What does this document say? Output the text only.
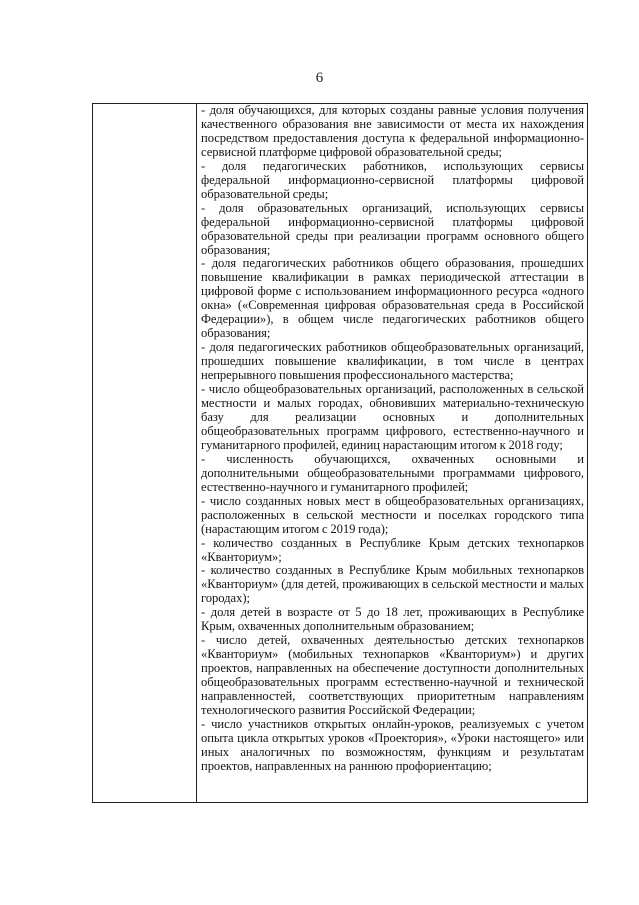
6

- доля обучающихся, для которых созданы равные условия получения качественного образования вне зависимости от места их нахождения посредством предоставления доступа к федеральной информационно-сервисной платформе цифровой образовательной среды;
- доля педагогических работников, использующих сервисы федеральной информационно-сервисной платформы цифровой образовательной среды;
- доля образовательных организаций, использующих сервисы федеральной информационно-сервисной платформы цифровой образовательной среды при реализации программ основного общего образования;
- доля педагогических работников общего образования, прошедших повышение квалификации в рамках периодической аттестации в цифровой форме с использованием информационного ресурса «одного окна» («Современная цифровая образовательная среда в Российской Федерации»), в общем числе педагогических работников общего образования;
- доля педагогических работников общеобразовательных организаций, прошедших повышение квалификации, в том числе в центрах непрерывного повышения профессионального мастерства;
- число общеобразовательных организаций, расположенных в сельской местности и малых городах, обновивших материально-техническую базу для реализации основных и дополнительных общеобразовательных программ цифрового, естественно-научного и гуманитарного профилей, единиц нарастающим итогом к 2018 году;
- численность обучающихся, охваченных основными и дополнительными общеобразовательными программами цифрового, естественно-научного и гуманитарного профилей;
- число созданных новых мест в общеобразовательных организациях, расположенных в сельской местности и поселках городского типа (нарастающим итогом с 2019 года);
- количество созданных в Республике Крым детских технопарков «Кванториум»;
- количество созданных в Республике Крым мобильных технопарков «Кванториум» (для детей, проживающих в сельской местности и малых городах);
- доля детей в возрасте от 5 до 18 лет, проживающих в Республике Крым, охваченных дополнительным образованием;
- число детей, охваченных деятельностью детских технопарков «Кванториум» (мобильных технопарков «Кванториум») и других проектов, направленных на обеспечение доступности дополнительных общеобразовательных программ естественно-научной и технической направленностей, соответствующих приоритетным направлениям технологического развития Российской Федерации;
- число участников открытых онлайн-уроков, реализуемых с учетом опыта цикла открытых уроков «Проектория», «Уроки настоящего» или иных аналогичных по возможностям, функциям и результатам проектов, направленных на раннюю профориентацию;
